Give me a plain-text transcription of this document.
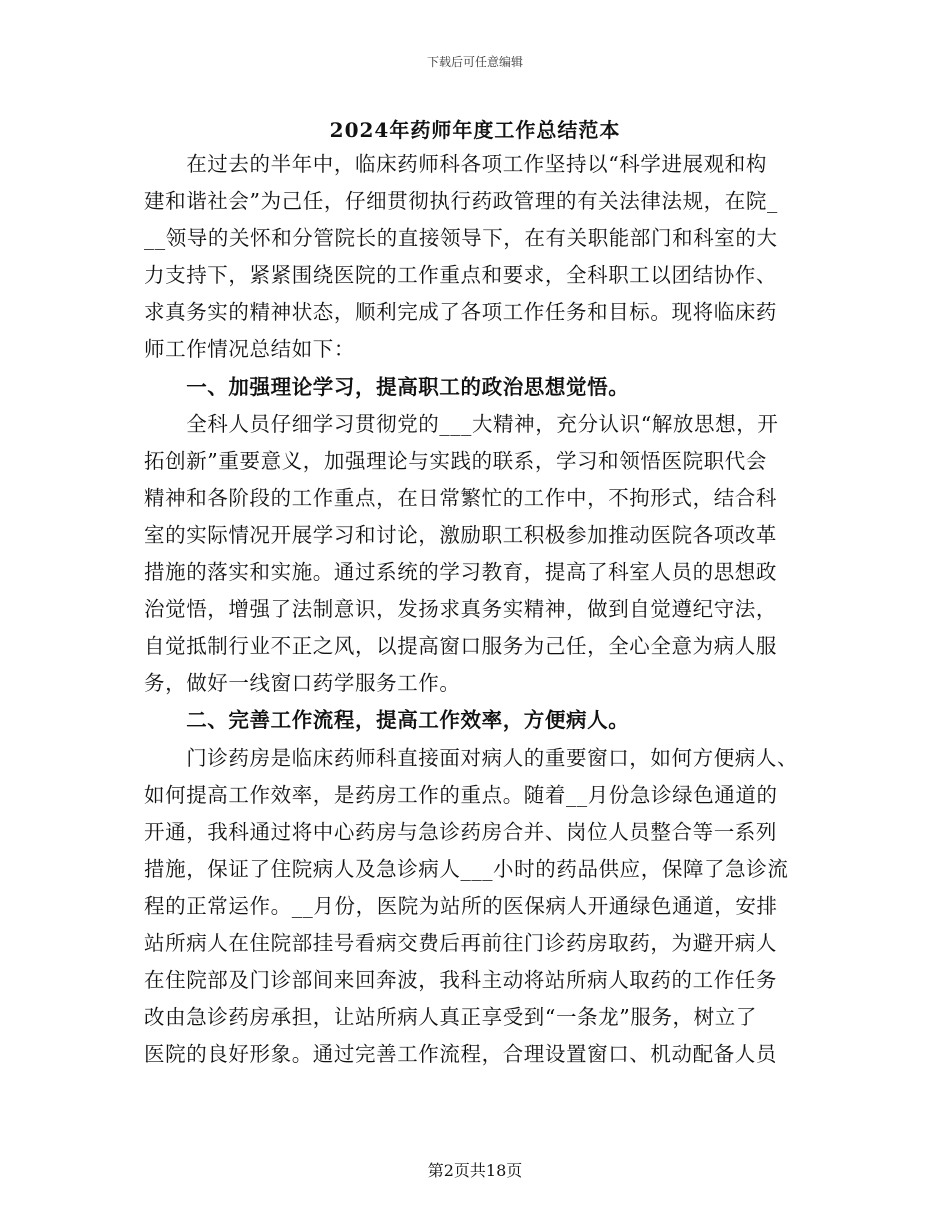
下载后可任意编辑
2024年药师年度工作总结范本
　　在过去的半年中，临床药师科各项工作坚持以“科学进展观和构
建和谐社会”为己任，仔细贯彻执行药政管理的有关法律法规，在院_
__领导的关怀和分管院长的直接领导下，在有关职能部门和科室的大
力支持下，紧紧围绕医院的工作重点和要求，全科职工以团结协作、
求真务实的精神状态，顺利完成了各项工作任务和目标。现将临床药
师工作情况总结如下：
　　一、加强理论学习，提高职工的政治思想觉悟。
　　全科人员仔细学习贯彻党的___大精神，充分认识“解放思想，开
拓创新”重要意义，加强理论与实践的联系，学习和领悟医院职代会
精神和各阶段的工作重点，在日常繁忙的工作中，不拘形式，结合科
室的实际情况开展学习和讨论，激励职工积极参加推动医院各项改革
措施的落实和实施。通过系统的学习教育，提高了科室人员的思想政
治觉悟，增强了法制意识，发扬求真务实精神，做到自觉遵纪守法，
自觉抵制行业不正之风，以提高窗口服务为己任，全心全意为病人服
务，做好一线窗口药学服务工作。
　　二、完善工作流程，提高工作效率，方便病人。
　　门诊药房是临床药师科直接面对病人的重要窗口，如何方便病人、
如何提高工作效率，是药房工作的重点。随着__月份急诊绿色通道的
开通，我科通过将中心药房与急诊药房合并、岗位人员整合等一系列
措施，保证了住院病人及急诊病人___小时的药品供应，保障了急诊流
程的正常运作。__月份，医院为站所的医保病人开通绿色通道，安排
站所病人在住院部挂号看病交费后再前往门诊药房取药，为避开病人
在住院部及门诊部间来回奔波，我科主动将站所病人取药的工作任务
改由急诊药房承担，让站所病人真正享受到“一条龙”服务，树立了
医院的良好形象。通过完善工作流程，合理设置窗口、机动配备人员
第2页共18页
